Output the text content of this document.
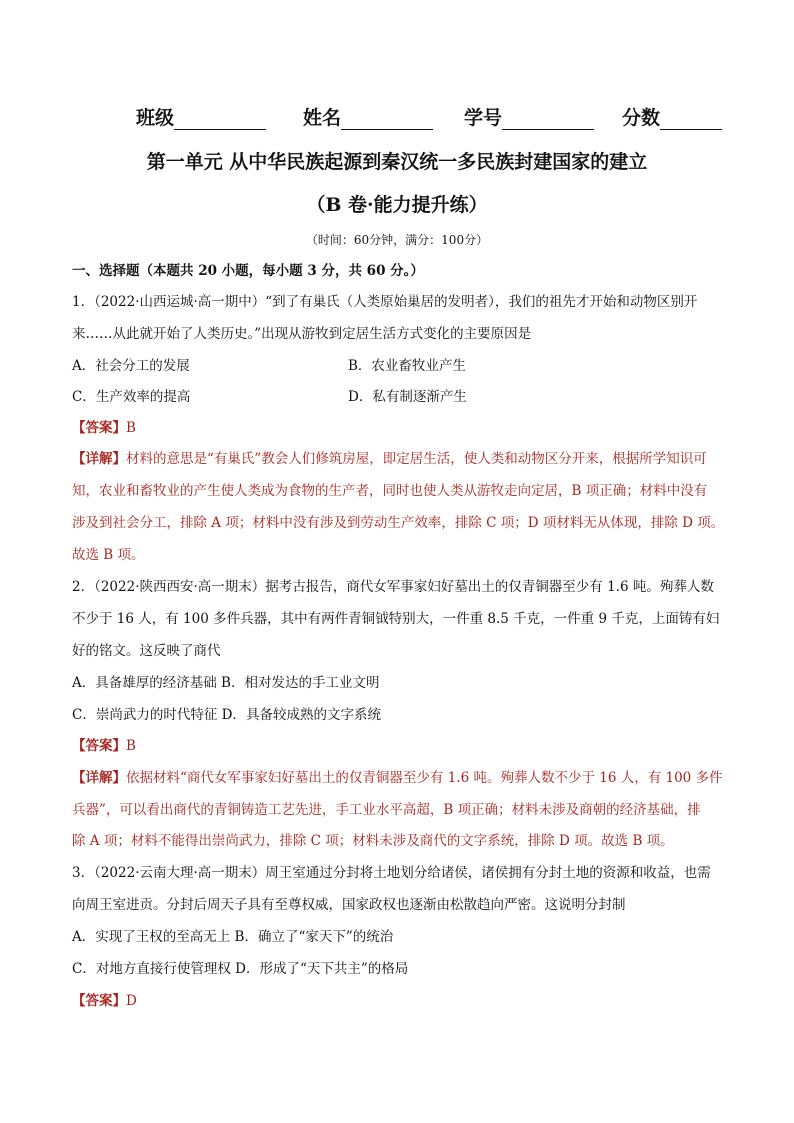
班级	姓名	学号	分数
第一单元 从中华民族起源到秦汉统一多民族封建国家的建立
（B 卷·能力提升练）
（时间：60分钟，满分：100分）
一、选择题（本题共 20 小题，每小题 3 分，共 60 分。）
1．（2022·山西运城·高一期中）“到了有巢氏（人类原始巢居的发明者），我们的祖先才开始和动物区别开
来……从此就开始了人类历史。”出现从游牧到定居生活方式变化的主要原因是
A．社会分工的发展	B．农业畜牧业产生
C．生产效率的提高	D．私有制逐渐产生
【答案】B
【详解】材料的意思是“有巢氏”教会人们修筑房屋，即定居生活，使人类和动物区分开来，根据所学知识可
知，农业和畜牧业的产生使人类成为食物的生产者，同时也使人类从游牧走向定居，B 项正确；材料中没有
涉及到社会分工，排除 A 项；材料中没有涉及到劳动生产效率，排除 C 项；D 项材料无从体现，排除 D 项。
故选 B 项。
2．（2022·陕西西安·高一期末）据考古报告，商代女军事家妇好墓出土的仅青铜器至少有 1.6 吨。殉葬人数
不少于 16 人，有 100 多件兵器，其中有两件青铜钺特别大，一件重 8.5 千克，一件重 9 千克，上面铸有妇
好的铭文。这反映了商代
A．具备雄厚的经济基础 B．相对发达的手工业文明
C．崇尚武力的时代特征 D．具备较成熟的文字系统
【答案】B
【详解】依据材料“商代女军事家妇好墓出土的仅青铜器至少有 1.6 吨。殉葬人数不少于 16 人，有 100 多件
兵器”，可以看出商代的青铜铸造工艺先进，手工业水平高超，B 项正确；材料未涉及商朝的经济基础，排
除 A 项；材料不能得出崇尚武力，排除 C 项；材料未涉及商代的文字系统，排除 D 项。故选 B 项。
3．（2022·云南大理·高一期末）周王室通过分封将土地划分给诸侯，诸侯拥有分封土地的资源和收益，也需
向周王室进贡。分封后周天子具有至尊权威，国家政权也逐渐由松散趋向严密。这说明分封制
A．实现了王权的至高无上 B．确立了“家天下”的统治
C．对地方直接行使管理权 D．形成了“天下共主”的格局
【答案】D
